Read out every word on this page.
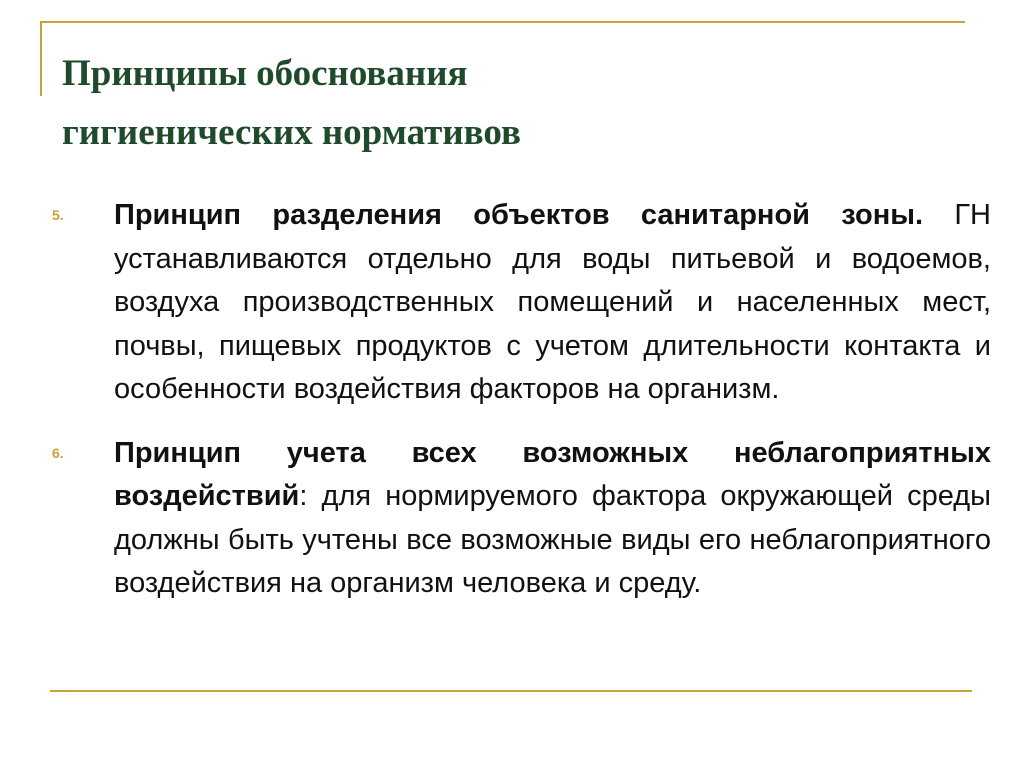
Принципы обоснования
гигиенических нормативов
5. Принцип разделения объектов санитарной зоны. ГН устанавливаются отдельно для воды питьевой и водоемов, воздуха производственных помещений и населенных мест, почвы, пищевых продуктов с учетом длительности контакта и особенности воздействия факторов на организм.
6. Принцип учета всех возможных неблагоприятных воздействий: для нормируемого фактора окружающей среды должны быть учтены все возможные виды его неблагоприятного воздействия на организм человека и среду.
